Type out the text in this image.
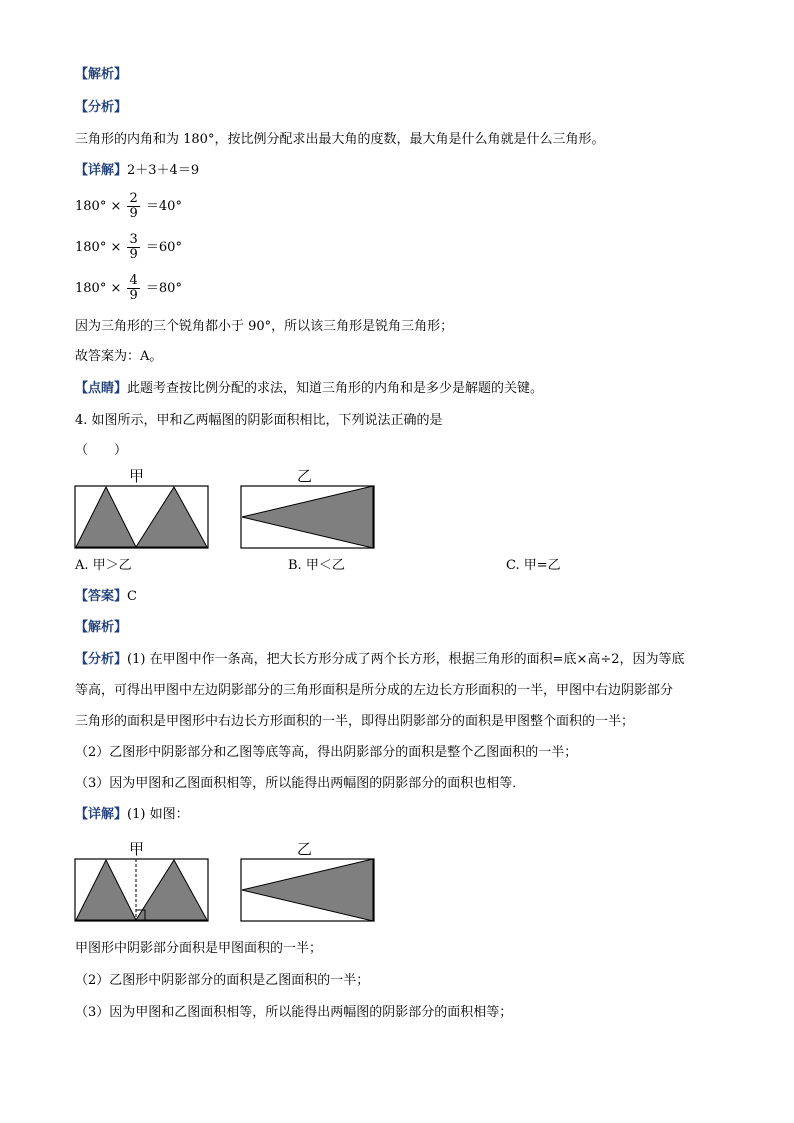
【解析】
【分析】
三角形的内角和为 180°，按比例分配求出最大角的度数，最大角是什么角就是什么三角形。
【详解】2＋3＋4＝9
$180^\circ \times \frac{2}{9} =40^\circ$
$180^\circ \times \frac{3}{9} =60^\circ$
$180^\circ \times \frac{4}{9} =80^\circ$
因为三角形的三个锐角都小于 90°，所以该三角形是锐角三角形；
故答案为：A。
【点睛】此题考查按比例分配的求法，知道三角形的内角和是多少是解题的关键。
4. 如图所示，甲和乙两幅图的阴影面积相比，下列说法正确的是
（　　）
甲	乙
A. 甲＞乙	B. 甲＜乙	C. 甲=乙
【答案】C
【解析】
【分析】(1) 在甲图中作一条高，把大长方形分成了两个长方形，根据三角形的面积=底×高÷2，因为等底
等高，可得出甲图中左边阴影部分的三角形面积是所分成的左边长方形面积的一半，甲图中右边阴影部分
三角形的面积是甲图形中右边长方形面积的一半，即得出阴影部分的面积是甲图整个面积的一半；
（2）乙图形中阴影部分和乙图等底等高，得出阴影部分的面积是整个乙图面积的一半；
（3）因为甲图和乙图面积相等，所以能得出两幅图的阴影部分的面积也相等．
【详解】(1) 如图：
甲	乙
甲图形中阴影部分面积是甲图面积的一半；
（2）乙图形中阴影部分的面积是乙图面积的一半；
（3）因为甲图和乙图面积相等，所以能得出两幅图的阴影部分的面积相等；
